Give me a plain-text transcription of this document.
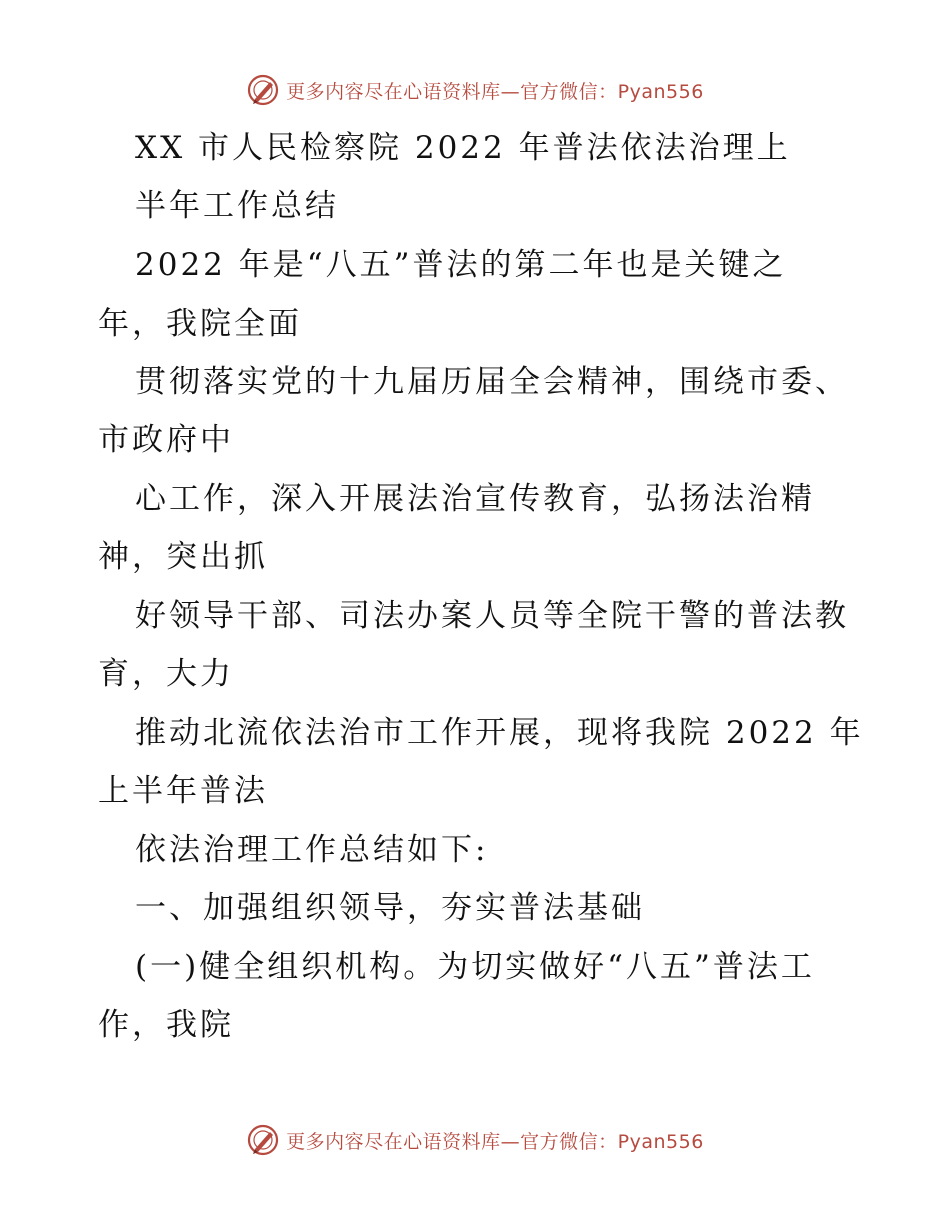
更多内容尽在心语资料库—官方微信：Pyan556
XX 市人民检察院 2022 年普法依法治理上
半年工作总结
2022 年是“八五”普法的第二年也是关键之
年，我院全面
贯彻落实党的十九届历届全会精神，围绕市委、
市政府中
心工作，深入开展法治宣传教育，弘扬法治精
神，突出抓
好领导干部、司法办案人员等全院干警的普法教
育，大力
推动北流依法治市工作开展，现将我院 2022 年
上半年普法
依法治理工作总结如下:
一、加强组织领导，夯实普法基础
(一)健全组织机构。为切实做好“八五”普法工
作，我院
更多内容尽在心语资料库—官方微信：Pyan556
